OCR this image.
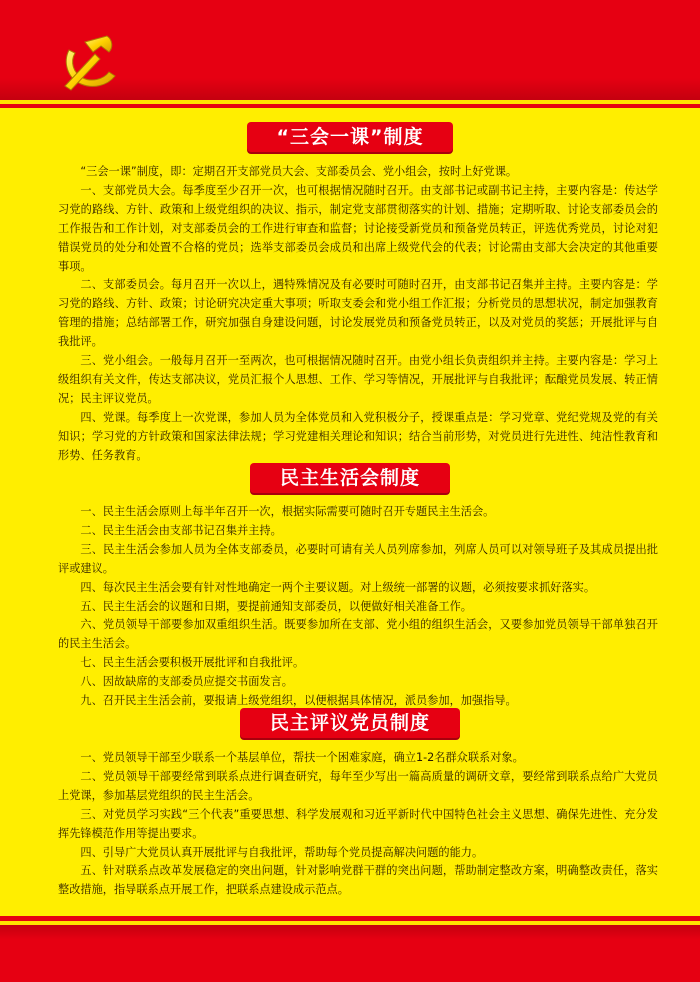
“三会一课”制度

“三会一课”制度，即：定期召开支部党员大会、支部委员会、党小组会，按时上好党课。

一、支部党员大会。每季度至少召开一次，也可根据情况随时召开。由支部书记或副书记主持，主要内容是：传达学习党的路线、方针、政策和上级党组织的决议、指示，制定党支部贯彻落实的计划、措施；定期听取、讨论支部委员会的工作报告和工作计划，对支部委员会的工作进行审查和监督；讨论接受新党员和预备党员转正，评选优秀党员，讨论对犯错误党员的处分和处置不合格的党员；选举支部委员会成员和出席上级党代会的代表；讨论需由支部大会决定的其他重要事项。

二、支部委员会。每月召开一次以上，遇特殊情况及有必要时可随时召开，由支部书记召集并主持。主要内容是：学习党的路线、方针、政策；讨论研究决定重大事项；听取支委会和党小组工作汇报；分析党员的思想状况，制定加强教育管理的措施；总结部署工作，研究加强自身建设问题，讨论发展党员和预备党员转正，以及对党员的奖惩；开展批评与自我批评。

三、党小组会。一般每月召开一至两次，也可根据情况随时召开。由党小组长负责组织并主持。主要内容是：学习上级组织有关文件，传达支部决议，党员汇报个人思想、工作、学习等情况，开展批评与自我批评；酝酿党员发展、转正情况；民主评议党员。

四、党课。每季度上一次党课，参加人员为全体党员和入党积极分子，授课重点是：学习党章、党纪党规及党的有关知识；学习党的方针政策和国家法律法规；学习党建相关理论和知识；结合当前形势，对党员进行先进性、纯洁性教育和形势、任务教育。

民主生活会制度

一、民主生活会原则上每半年召开一次，根据实际需要可随时召开专题民主生活会。

二、民主生活会由支部书记召集并主持。

三、民主生活会参加人员为全体支部委员，必要时可请有关人员列席参加，列席人员可以对领导班子及其成员提出批评或建议。

四、每次民主生活会要有针对性地确定一两个主要议题。对上级统一部署的议题，必须按要求抓好落实。

五、民主生活会的议题和日期，要提前通知支部委员，以便做好相关准备工作。

六、党员领导干部要参加双重组织生活。既要参加所在支部、党小组的组织生活会，又要参加党员领导干部单独召开的民主生活会。

七、民主生活会要积极开展批评和自我批评。

八、因故缺席的支部委员应提交书面发言。

九、召开民主生活会前，要报请上级党组织，以便根据具体情况，派员参加，加强指导。

民主评议党员制度

一、党员领导干部至少联系一个基层单位，帮扶一个困难家庭，确立1-2名群众联系对象。

二、党员领导干部要经常到联系点进行调查研究，每年至少写出一篇高质量的调研文章，要经常到联系点给广大党员上党课，参加基层党组织的民主生活会。

三、对党员学习实践“三个代表”重要思想、科学发展观和习近平新时代中国特色社会主义思想、确保先进性、充分发挥先锋模范作用等提出要求。

四、引导广大党员认真开展批评与自我批评，帮助每个党员提高解决问题的能力。

五、针对联系点改革发展稳定的突出问题，针对影响党群干群的突出问题，帮助制定整改方案，明确整改责任，落实整改措施，指导联系点开展工作，把联系点建设成示范点。
